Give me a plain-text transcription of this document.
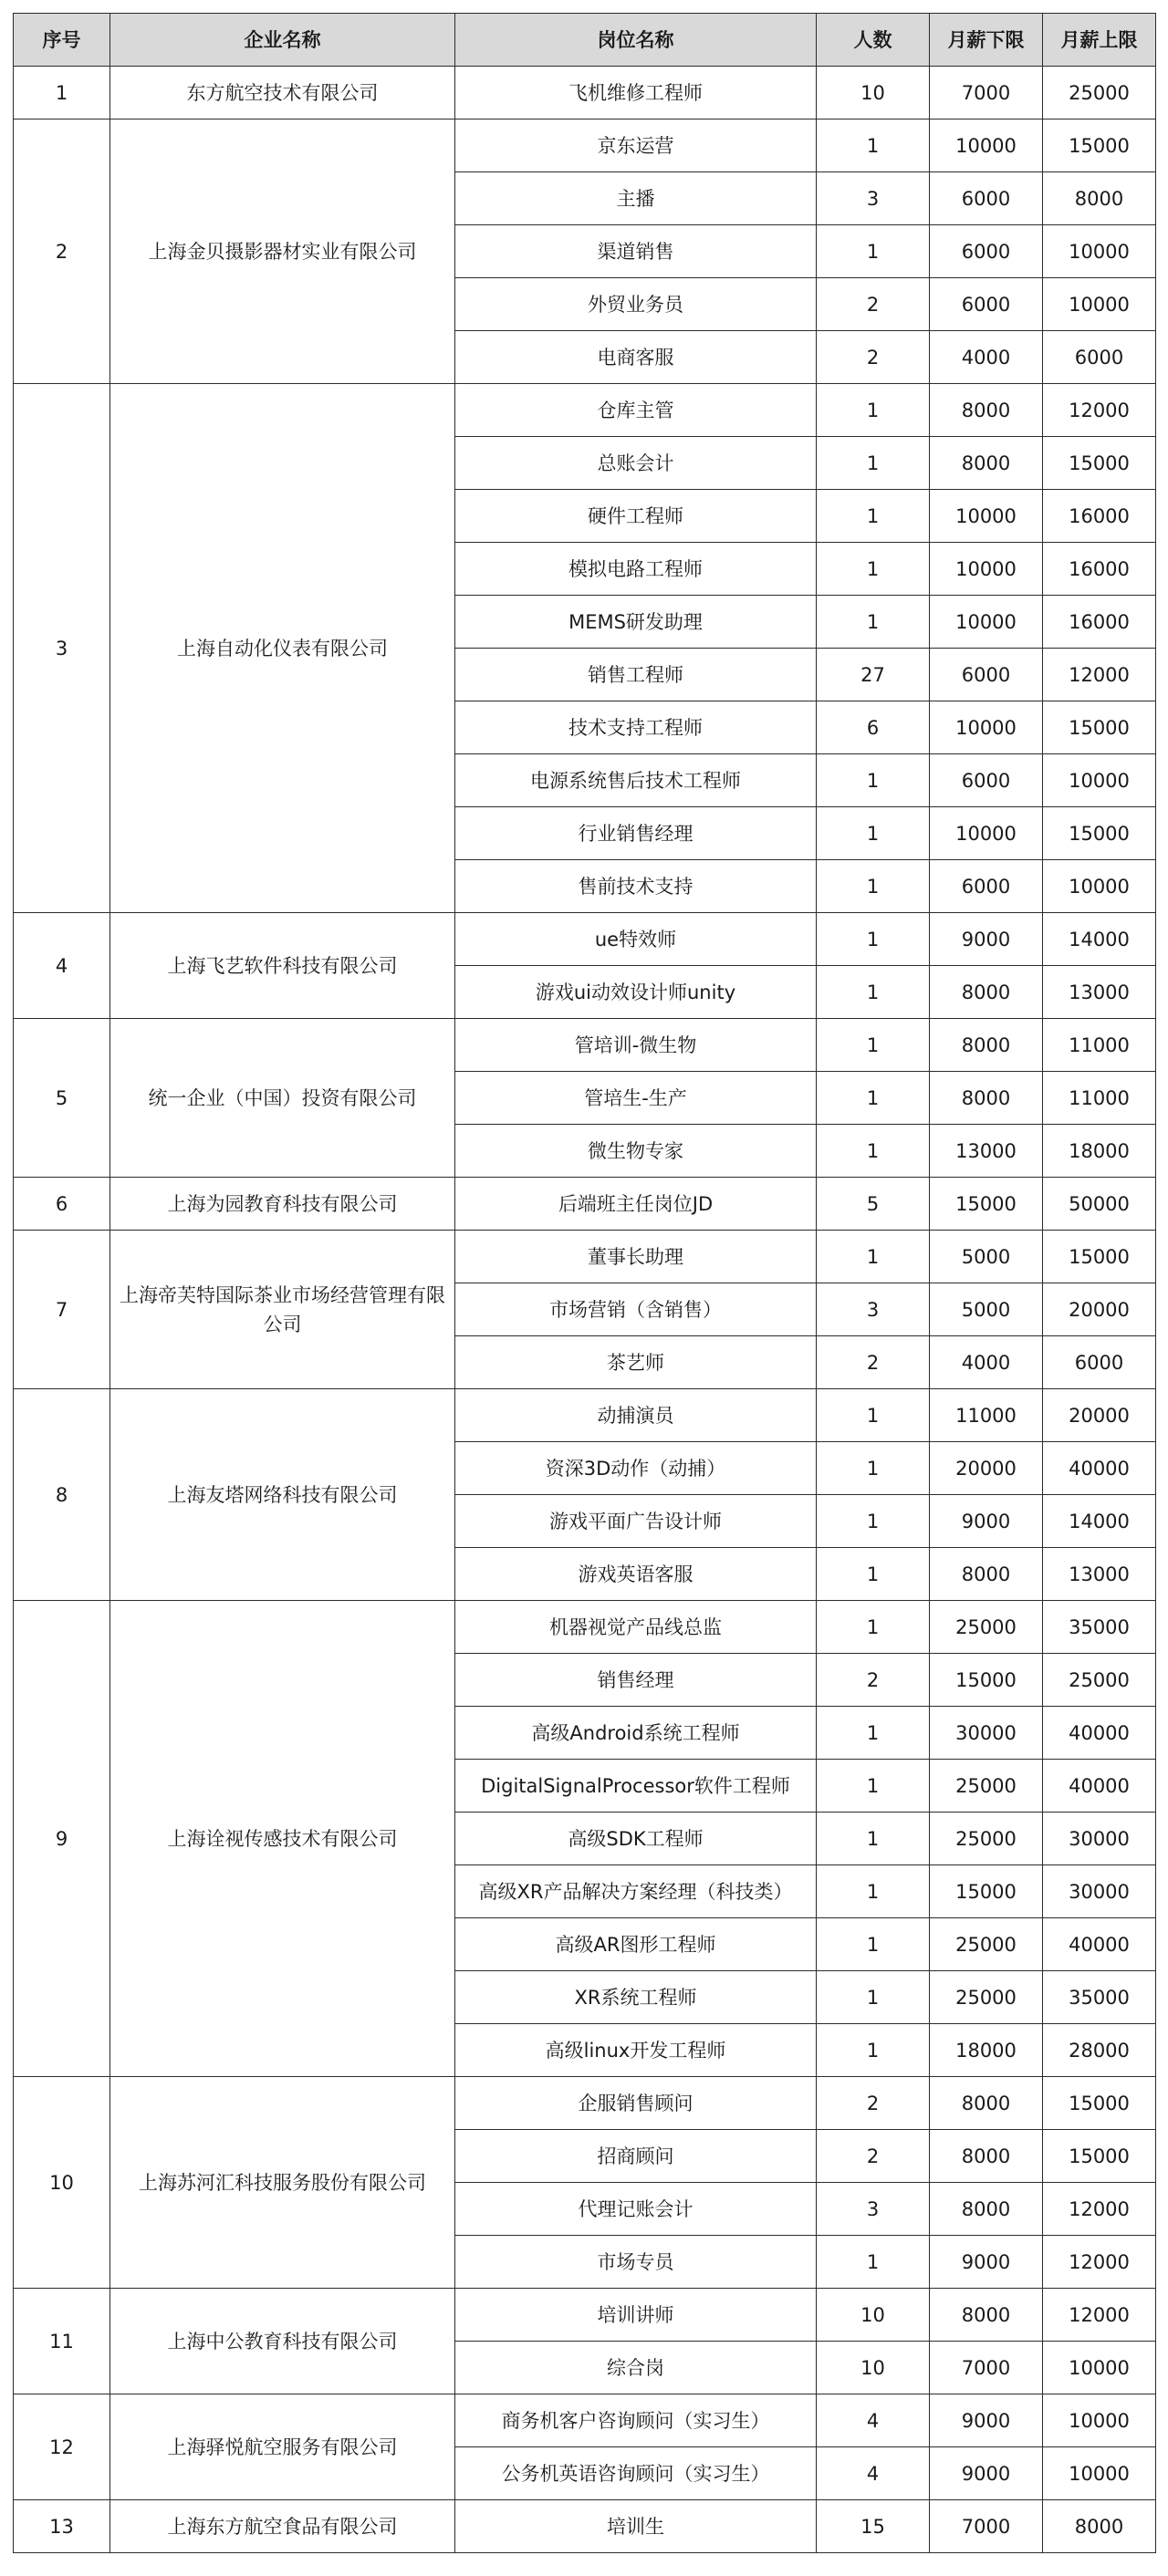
序号	企业名称	岗位名称	人数	月薪下限	月薪上限
1	东方航空技术有限公司	飞机维修工程师	10	7000	25000
2	上海金贝摄影器材实业有限公司	京东运营	1	10000	15000
		主播	3	6000	8000
		渠道销售	1	6000	10000
		外贸业务员	2	6000	10000
		电商客服	2	4000	6000
3	上海自动化仪表有限公司	仓库主管	1	8000	12000
		总账会计	1	8000	15000
		硬件工程师	1	10000	16000
		模拟电路工程师	1	10000	16000
		MEMS研发助理	1	10000	16000
		销售工程师	27	6000	12000
		技术支持工程师	6	10000	15000
		电源系统售后技术工程师	1	6000	10000
		行业销售经理	1	10000	15000
		售前技术支持	1	6000	10000
4	上海飞艺软件科技有限公司	ue特效师	1	9000	14000
		游戏ui动效设计师unity	1	8000	13000
5	统一企业（中国）投资有限公司	管培训-微生物	1	8000	11000
		管培生-生产	1	8000	11000
		微生物专家	1	13000	18000
6	上海为园教育科技有限公司	后端班主任岗位JD	5	15000	50000
7	上海帝芙特国际茶业市场经营管理有限公司	董事长助理	1	5000	15000
		市场营销（含销售）	3	5000	20000
		茶艺师	2	4000	6000
8	上海友塔网络科技有限公司	动捕演员	1	11000	20000
		资深3D动作（动捕）	1	20000	40000
		游戏平面广告设计师	1	9000	14000
		游戏英语客服	1	8000	13000
9	上海诠视传感技术有限公司	机器视觉产品线总监	1	25000	35000
		销售经理	2	15000	25000
		高级Android系统工程师	1	30000	40000
		DigitalSignalProcessor软件工程师	1	25000	40000
		高级SDK工程师	1	25000	30000
		高级XR产品解决方案经理（科技类）	1	15000	30000
		高级AR图形工程师	1	25000	40000
		XR系统工程师	1	25000	35000
		高级linux开发工程师	1	18000	28000
10	上海苏河汇科技服务股份有限公司	企服销售顾问	2	8000	15000
		招商顾问	2	8000	15000
		代理记账会计	3	8000	12000
		市场专员	1	9000	12000
11	上海中公教育科技有限公司	培训讲师	10	8000	12000
		综合岗	10	7000	10000
12	上海驿悦航空服务有限公司	商务机客户咨询顾问（实习生）	4	9000	10000
		公务机英语咨询顾问（实习生）	4	9000	10000
13	上海东方航空食品有限公司	培训生	15	7000	8000
